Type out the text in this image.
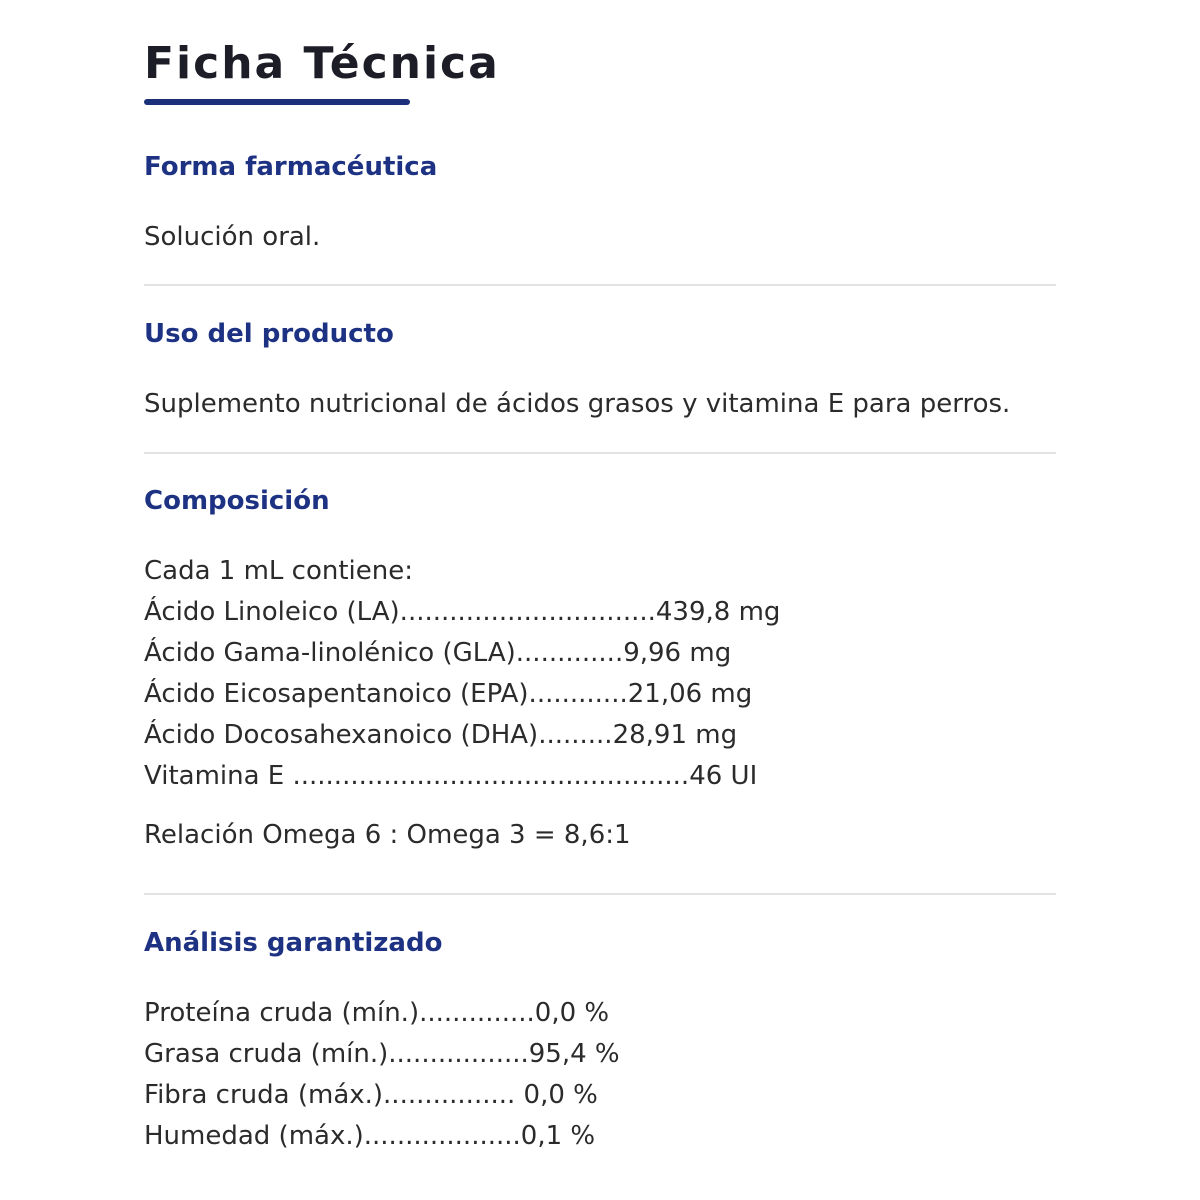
Ficha Técnica
Forma farmacéutica

Solución oral.

Uso del producto

Suplemento nutricional de ácidos grasos y vitamina E para perros.

Composición
Cada 1 mL contiene:
Ácido Linoleico (LA)...............................439,8 mg
Ácido Gama-linolénico (GLA).............9,96 mg
Ácido Eicosapentanoico (EPA)............21,06 mg
Ácido Docosahexanoico (DHA).........28,91 mg
Vitamina E ................................................46 UI

Relación Omega 6 : Omega 3 = 8,6:1

Análisis garantizado
Proteína cruda (mín.)..............0,0 %
Grasa cruda (mín.).................95,4 %
Fibra cruda (máx.)................ 0,0 %
Humedad (máx.)...................0,1 %
